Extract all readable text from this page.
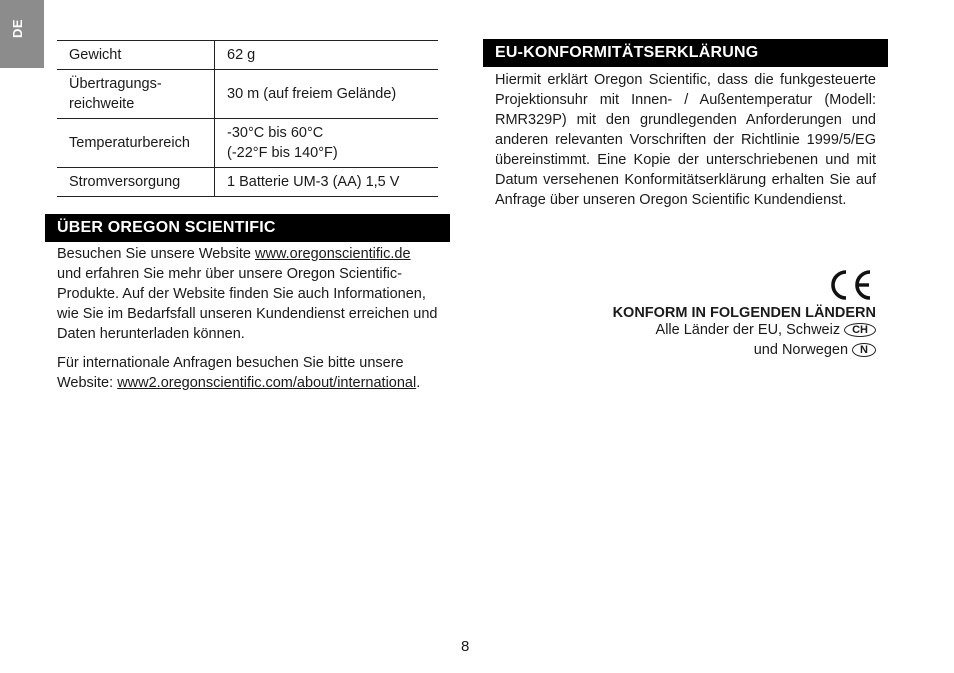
DE
Gewicht	62 g
Übertragungs-
reichweite	30 m (auf freiem Gelände)
Temperaturbereich	-30°C bis 60°C
(-22°F bis 140°F)
Stromversorgung	1 Batterie UM-3 (AA) 1,5 V
ÜBER OREGON SCIENTIFIC
Besuchen Sie unsere Website www.oregonscientific.de und erfahren Sie mehr über unsere Oregon Scientific-Produkte. Auf der Website finden Sie auch Informationen, wie Sie im Bedarfsfall unseren Kundendienst erreichen und Daten herunterladen können.
Für internationale Anfragen besuchen Sie bitte unsere Website: www2.oregonscientific.com/about/international.
EU-KONFORMITÄTSERKLÄRUNG
Hiermit erklärt Oregon Scientific, dass die funkgesteuerte Projektionsuhr mit Innen- / Außentemperatur (Modell: RMR329P) mit den grundlegenden Anforderungen und anderen relevanten Vorschriften der Richtlinie 1999/5/EG übereinstimmt. Eine Kopie der unterschriebenen und mit Datum versehenen Konformitätserklärung erhalten Sie auf Anfrage über unseren Oregon Scientific Kundendienst.
KONFORM IN FOLGENDEN LÄNDERN
Alle Länder der EU, Schweiz CH
und Norwegen N
8
